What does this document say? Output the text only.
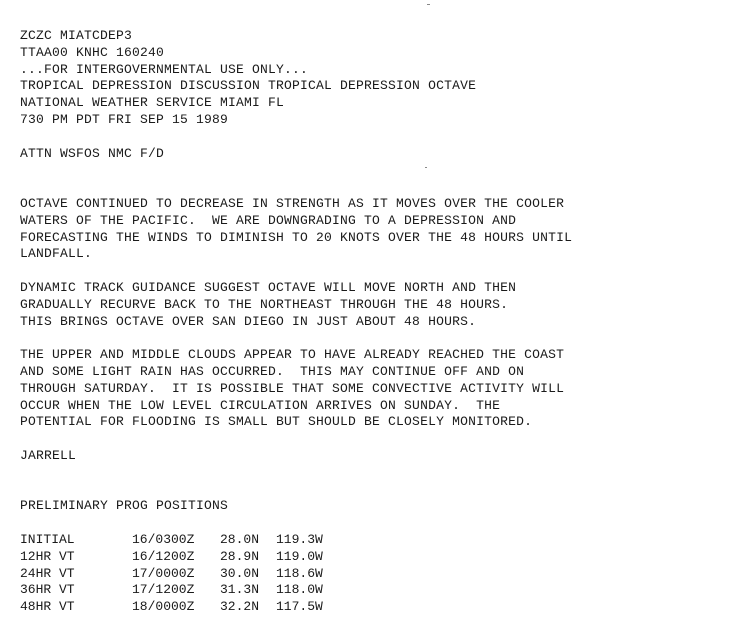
ZCZC MIATCDEP3
TTAA00 KNHC 160240
...FOR INTERGOVERNMENTAL USE ONLY...
TROPICAL DEPRESSION DISCUSSION TROPICAL DEPRESSION OCTAVE
NATIONAL WEATHER SERVICE MIAMI FL
730 PM PDT FRI SEP 15 1989
ATTN WSFOS NMC F/D
OCTAVE CONTINUED TO DECREASE IN STRENGTH AS IT MOVES OVER THE COOLER
WATERS OF THE PACIFIC.  WE ARE DOWNGRADING TO A DEPRESSION AND
FORECASTING THE WINDS TO DIMINISH TO 20 KNOTS OVER THE 48 HOURS UNTIL
LANDFALL.
DYNAMIC TRACK GUIDANCE SUGGEST OCTAVE WILL MOVE NORTH AND THEN
GRADUALLY RECURVE BACK TO THE NORTHEAST THROUGH THE 48 HOURS.
THIS BRINGS OCTAVE OVER SAN DIEGO IN JUST ABOUT 48 HOURS.
THE UPPER AND MIDDLE CLOUDS APPEAR TO HAVE ALREADY REACHED THE COAST
AND SOME LIGHT RAIN HAS OCCURRED.  THIS MAY CONTINUE OFF AND ON
THROUGH SATURDAY.  IT IS POSSIBLE THAT SOME CONVECTIVE ACTIVITY WILL
OCCUR WHEN THE LOW LEVEL CIRCULATION ARRIVES ON SUNDAY.  THE
POTENTIAL FOR FLOODING IS SMALL BUT SHOULD BE CLOSELY MONITORED.
JARRELL
PRELIMINARY PROG POSITIONS
INITIAL	16/0300Z	28.0N	119.3W
12HR VT	16/1200Z	28.9N	119.0W
24HR VT	17/0000Z	30.0N	118.6W
36HR VT	17/1200Z	31.3N	118.0W
48HR VT	18/0000Z	32.2N	117.5W
